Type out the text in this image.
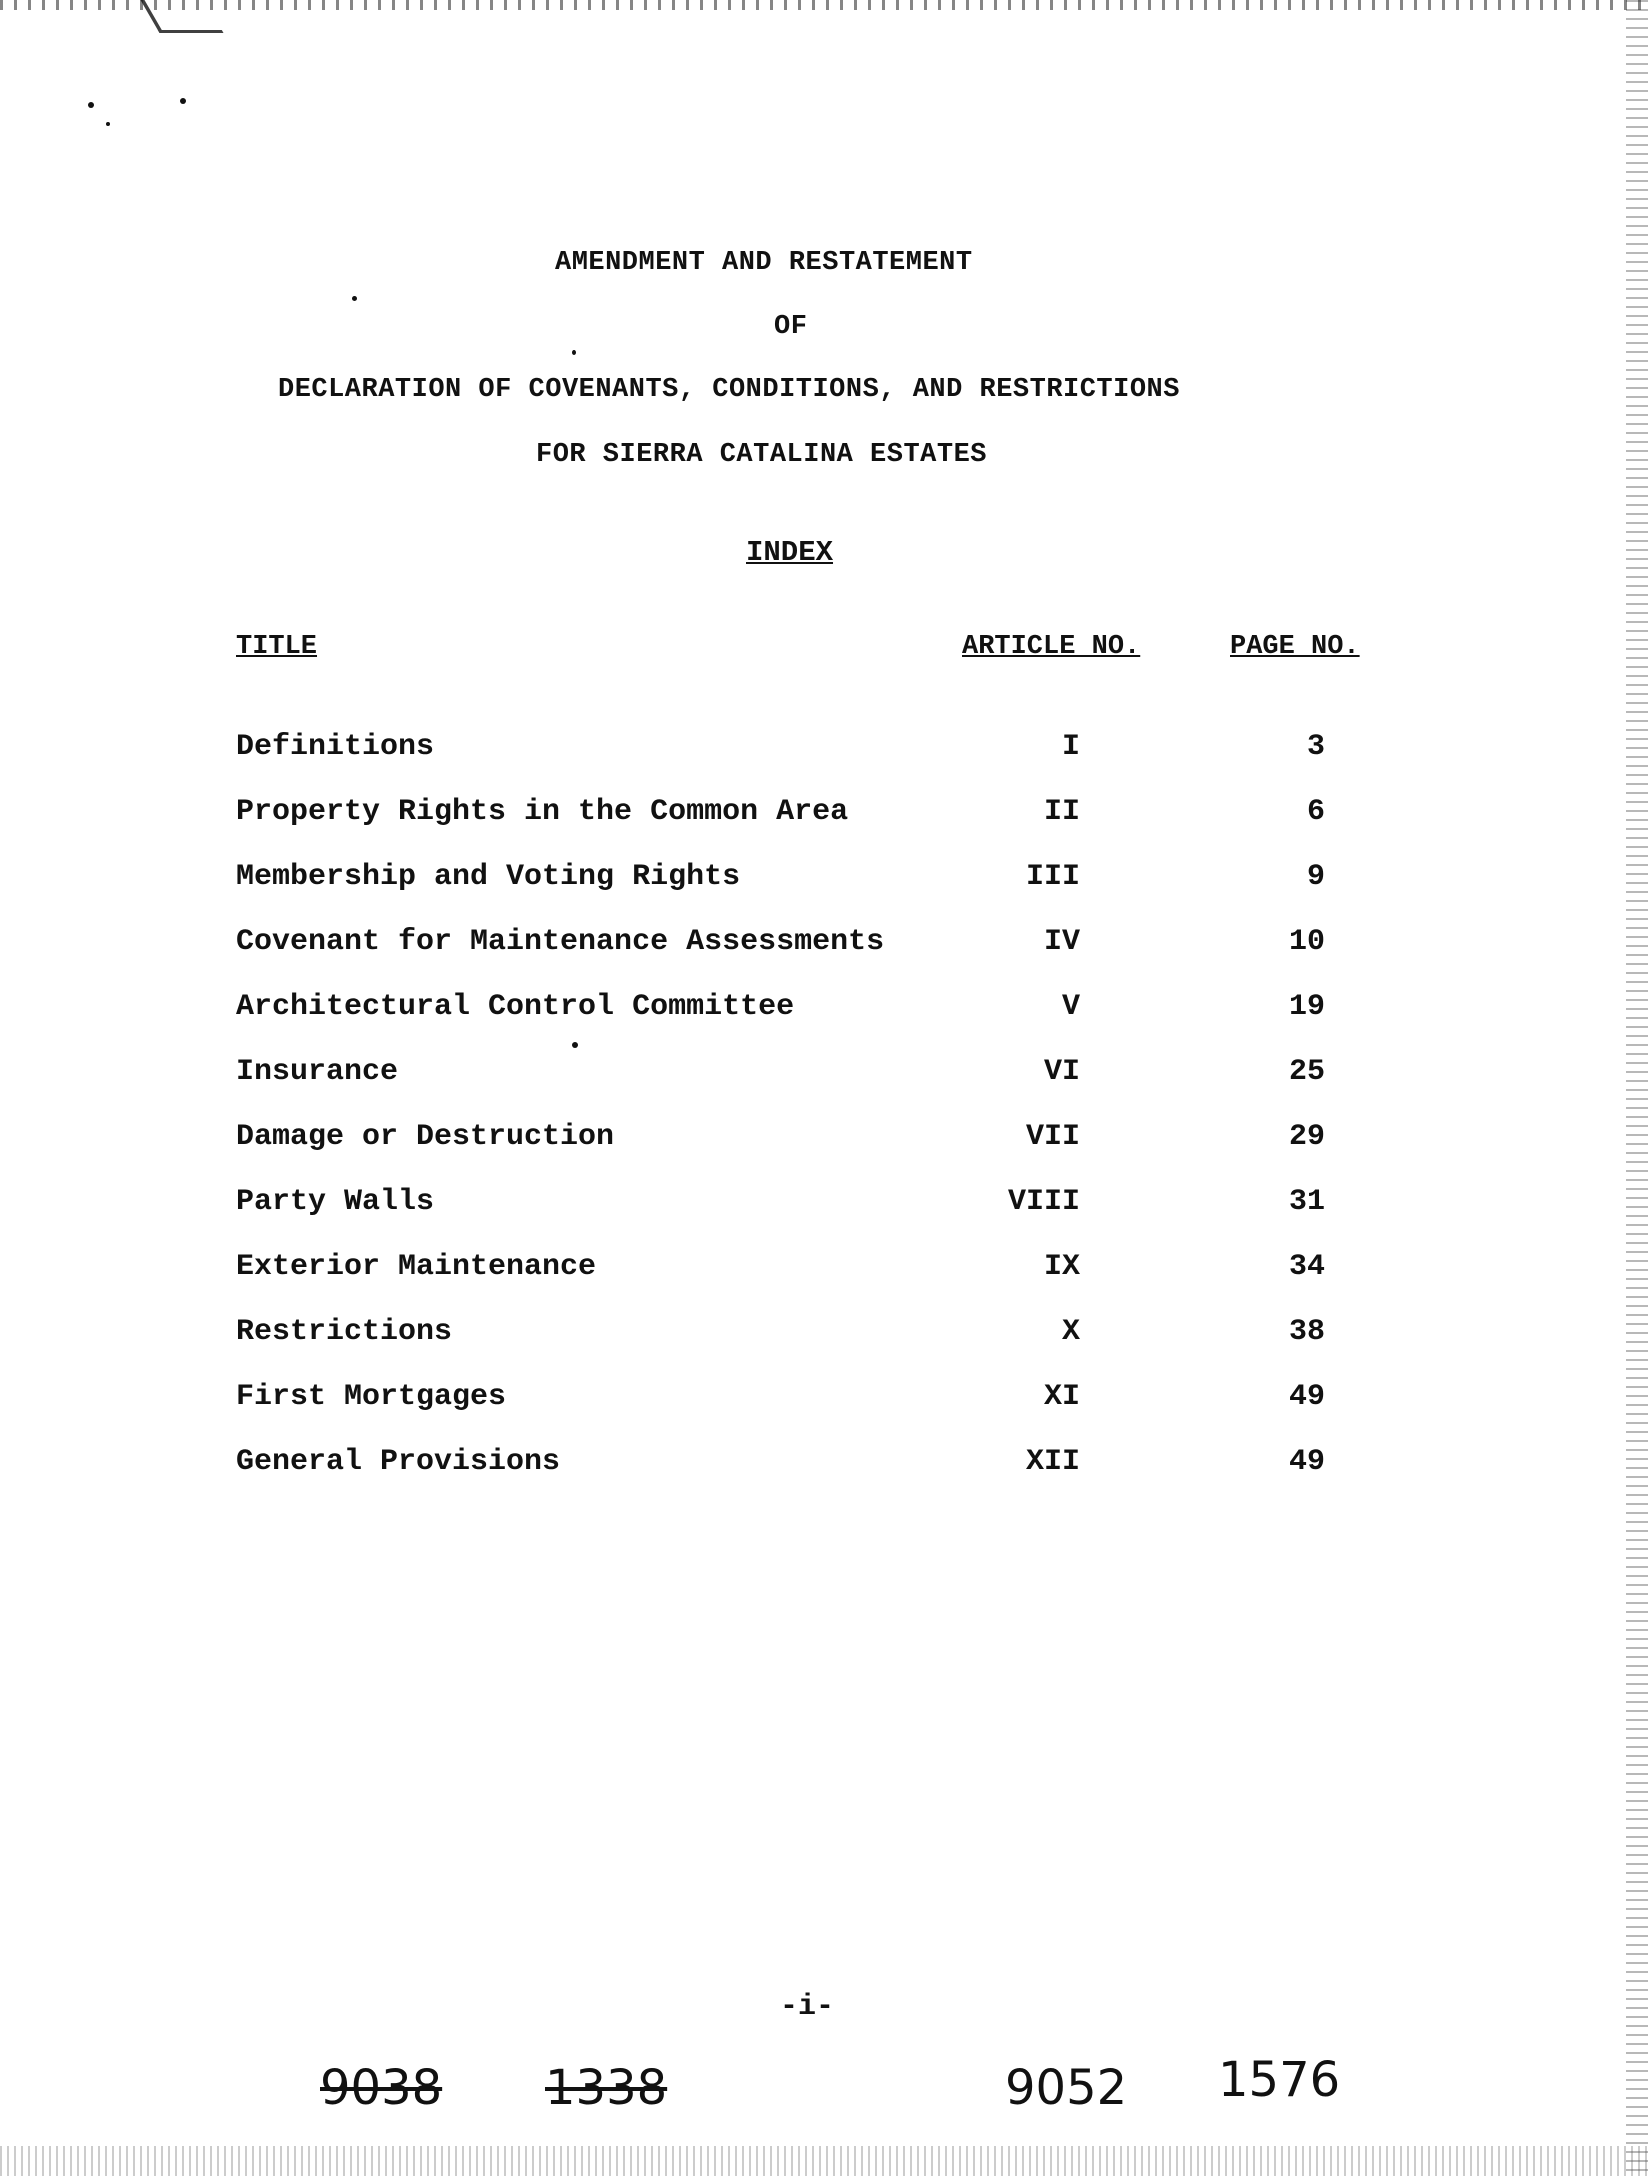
AMENDMENT AND RESTATEMENT
OF
DECLARATION OF COVENANTS, CONDITIONS, AND RESTRICTIONS
FOR SIERRA CATALINA ESTATES
INDEX
TITLE	ARTICLE NO.	PAGE NO.
Definitions	I	3
Property Rights in the Common Area	II	6
Membership and Voting Rights	III	9
Covenant for Maintenance Assessments	IV	10
Architectural Control Committee	V	19
Insurance	VI	25
Damage or Destruction	VII	29
Party Walls	VIII	31
Exterior Maintenance	IX	34
Restrictions	X	38
First Mortgages	XI	49
General Provisions	XII	49
-i-
9038 1338	9052 1576
